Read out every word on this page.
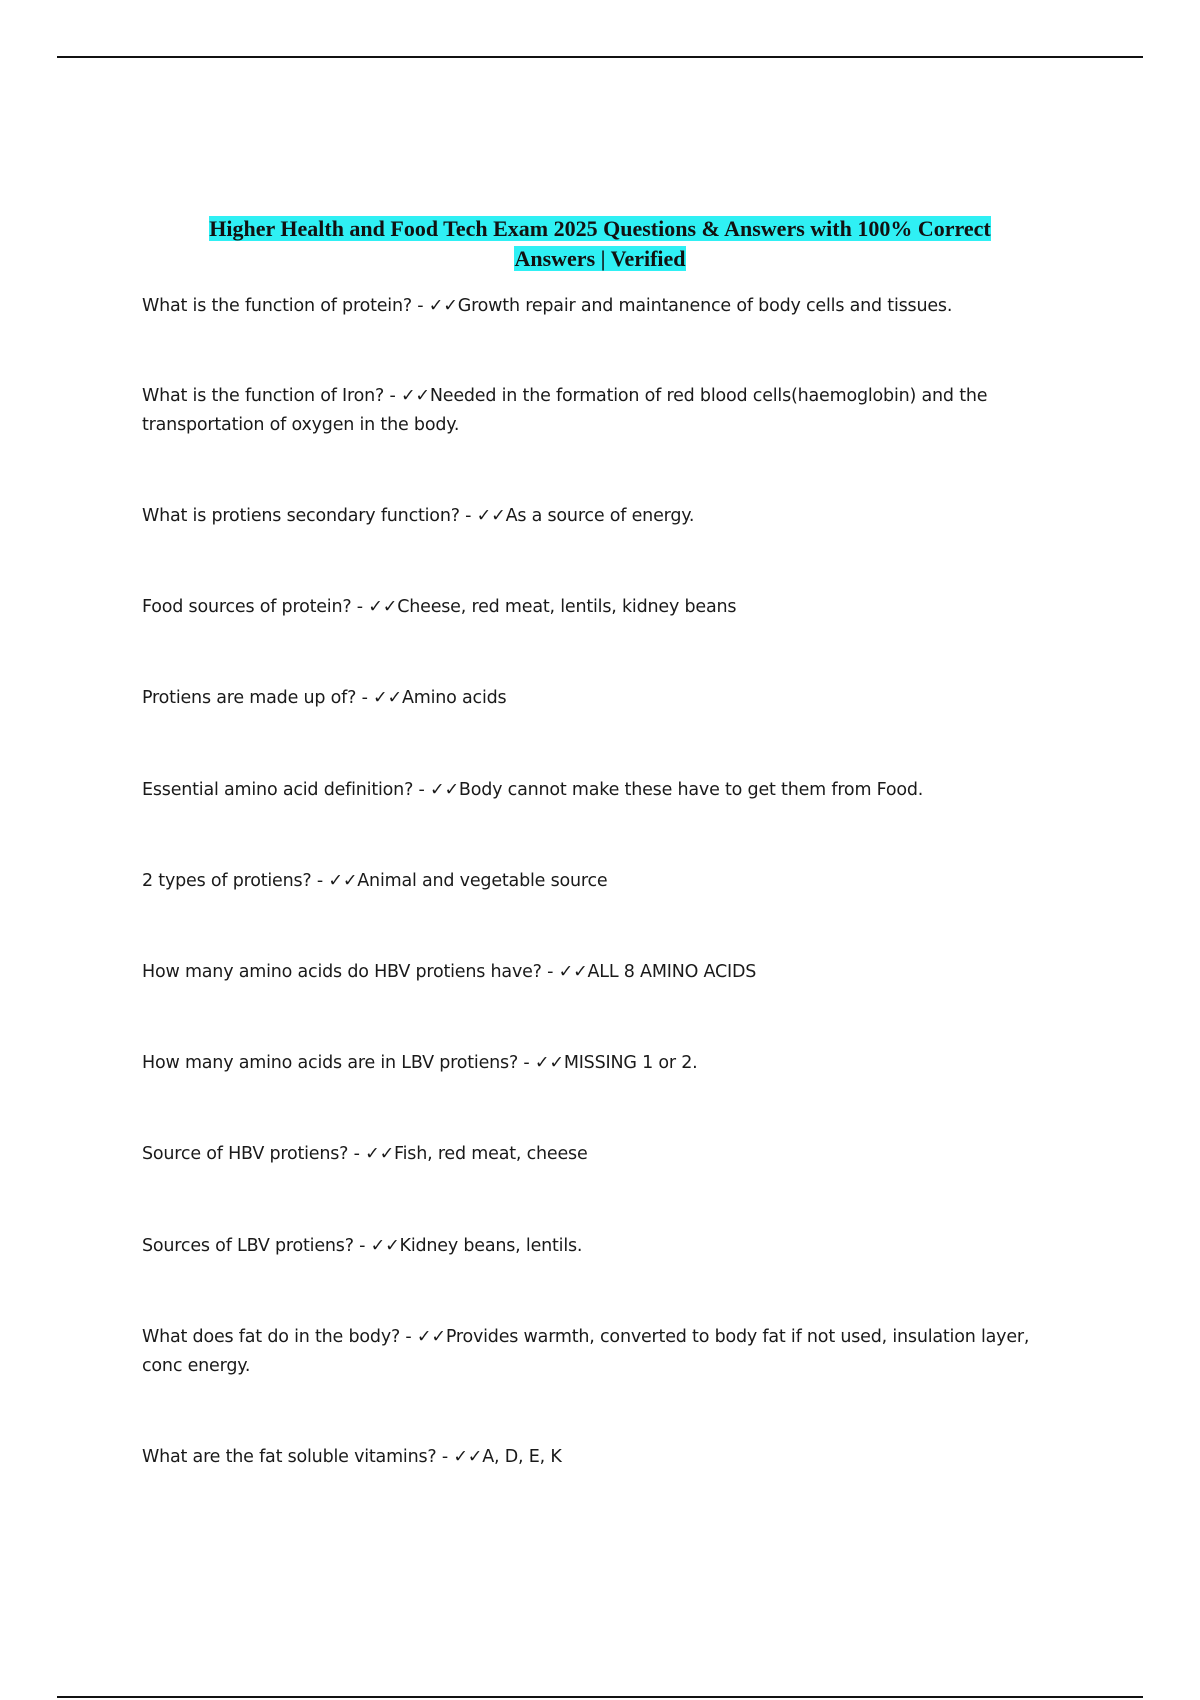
Higher Health and Food Tech Exam 2025 Questions & Answers with 100% Correct
Answers | Verified

What is the function of protein? - ✓✓Growth repair and maintanence of body cells and tissues.

What is the function of Iron? - ✓✓Needed in the formation of red blood cells(haemoglobin) and the transportation of oxygen in the body.

What is protiens secondary function? - ✓✓As a source of energy.

Food sources of protein? - ✓✓Cheese, red meat, lentils, kidney beans

Protiens are made up of? - ✓✓Amino acids

Essential amino acid definition? - ✓✓Body cannot make these have to get them from Food.

2 types of protiens? - ✓✓Animal and vegetable source

How many amino acids do HBV protiens have? - ✓✓ALL 8 AMINO ACIDS

How many amino acids are in LBV protiens? - ✓✓MISSING 1 or 2.

Source of HBV protiens? - ✓✓Fish, red meat, cheese

Sources of LBV protiens? - ✓✓Kidney beans, lentils.

What does fat do in the body? - ✓✓Provides warmth, converted to body fat if not used, insulation layer, conc energy.

What are the fat soluble vitamins? - ✓✓A, D, E, K
